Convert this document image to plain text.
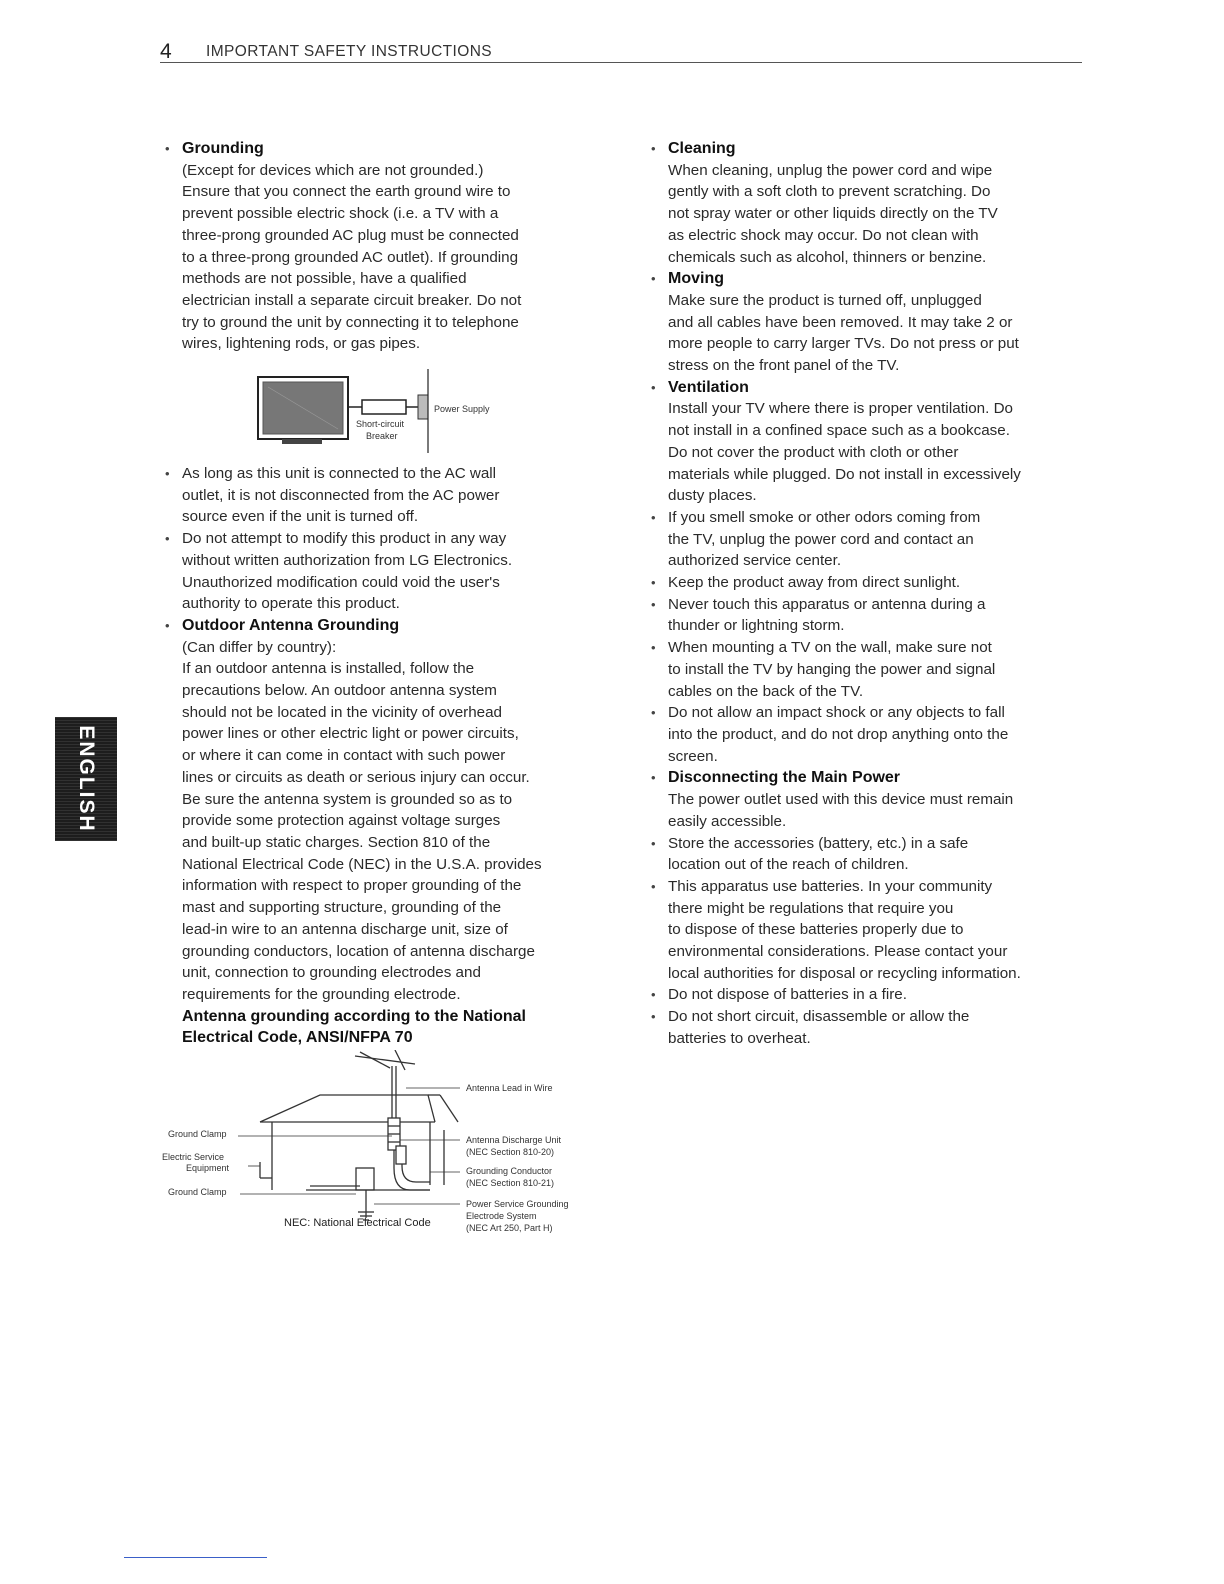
4 IMPORTANT SAFETY INSTRUCTIONS
ENGLISH
• Grounding
(Except for devices which are not grounded.)
Ensure that you connect the earth ground wire to
prevent possible electric shock (i.e. a TV with a
three-prong grounded AC plug must be connected
to a three-prong grounded AC outlet). If grounding
methods are not possible, have a qualified
electrician install a separate circuit breaker. Do not
try to ground the unit by connecting it to telephone
wires, lightening rods, or gas pipes.
Power Supply
Short-circuit
Breaker
• As long as this unit is connected to the AC wall
outlet, it is not disconnected from the AC power
source even if the unit is turned off.
• Do not attempt to modify this product in any way
without written authorization from LG Electronics.
Unauthorized modification could void the user's
authority to operate this product.
• Outdoor Antenna Grounding
(Can differ by country):
If an outdoor antenna is installed, follow the
precautions below. An outdoor antenna system
should not be located in the vicinity of overhead
power lines or other electric light or power circuits,
or where it can come in contact with such power
lines or circuits as death or serious injury can occur.
Be sure the antenna system is grounded so as to
provide some protection against voltage surges
and built-up static charges. Section 810 of the
National Electrical Code (NEC) in the U.S.A. provides
information with respect to proper grounding of the
mast and supporting structure, grounding of the
lead-in wire to an antenna discharge unit, size of
grounding conductors, location of antenna discharge
unit, connection to grounding electrodes and
requirements for the grounding electrode.
Antenna grounding according to the National
Electrical Code, ANSI/NFPA 70
Ground Clamp
Electric Service
Equipment
Ground Clamp
Antenna Lead in Wire
Antenna Discharge Unit
(NEC Section 810-20)
Grounding Conductor
(NEC Section 810-21)
Power Service Grounding
Electrode System
(NEC Art 250, Part H)
NEC: National Electrical Code
• Cleaning
When cleaning, unplug the power cord and wipe
gently with a soft cloth to prevent scratching. Do
not spray water or other liquids directly on the TV
as electric shock may occur. Do not clean with
chemicals such as alcohol, thinners or benzine.
• Moving
Make sure the product is turned off, unplugged
and all cables have been removed. It may take 2 or
more people to carry larger TVs. Do not press or put
stress on the front panel of the TV.
• Ventilation
Install your TV where there is proper ventilation. Do
not install in a confined space such as a bookcase.
Do not cover the product with cloth or other
materials while plugged. Do not install in excessively
dusty places.
• If you smell smoke or other odors coming from
the TV, unplug the power cord and contact an
authorized service center.
• Keep the product away from direct sunlight.
• Never touch this apparatus or antenna during a
thunder or lightning storm.
• When mounting a TV on the wall, make sure not
to install the TV by hanging the power and signal
cables on the back of the TV.
• Do not allow an impact shock or any objects to fall
into the product, and do not drop anything onto the
screen.
• Disconnecting the Main Power
The power outlet used with this device must remain
easily accessible.
• Store the accessories (battery, etc.) in a safe
location out of the reach of children.
• This apparatus use batteries. In your community
there might be regulations that require you
to dispose of these batteries properly due to
environmental considerations. Please contact your
local authorities for disposal or recycling information.
• Do not dispose of batteries in a fire.
• Do not short circuit, disassemble or allow the
batteries to overheat.
